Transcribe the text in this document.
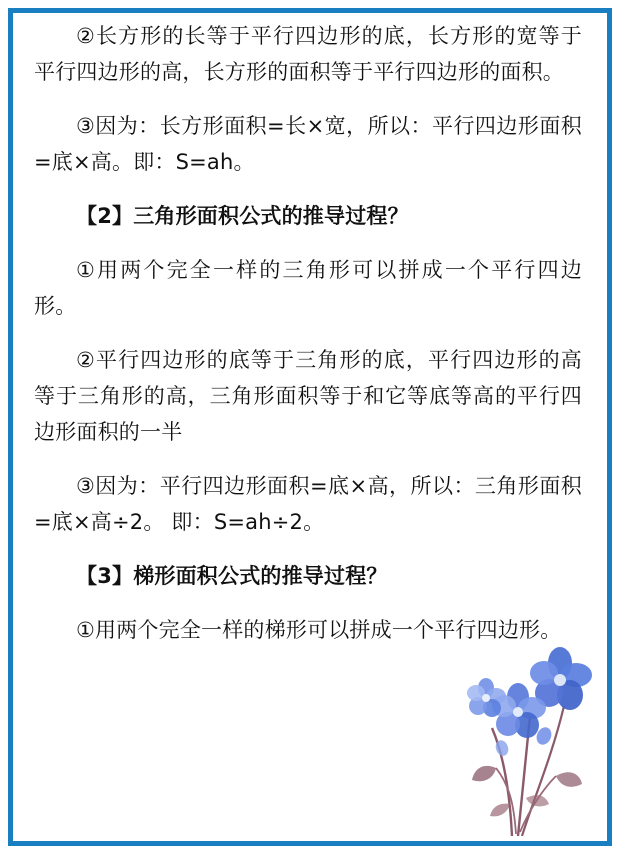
②长方形的长等于平行四边形的底，长方形的宽等于平行四边形的高，长方形的面积等于平行四边形的面积。

③因为：长方形面积=长×宽，所以：平行四边形面积=底×高。即：S=ah。

【2】三角形面积公式的推导过程？

①用两个完全一样的三角形可以拼成一个平行四边形。

②平行四边形的底等于三角形的底，平行四边形的高等于三角形的高，三角形面积等于和它等底等高的平行四边形面积的一半

③因为：平行四边形面积=底×高，所以：三角形面积=底×高÷2。 即：S=ah÷2。

【3】梯形面积公式的推导过程？

①用两个完全一样的梯形可以拼成一个平行四边形。
